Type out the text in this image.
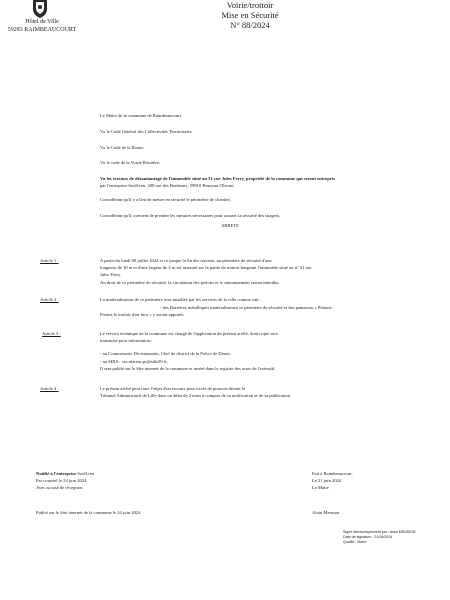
Hôtel de Ville
59283 RAIMBEAUCOURT
Voirie/trottoir
Mise en Sécurité
N° 88/2024
Le Maire de la commune de Raimbeaucourt,
Vu le Code Général des Collectivités Territoriales,
Vu le Code de la Route,
Vu le code de la Voirie Routière,
Vu les travaux de désamiantage de l'immeuble situé au 31 rue Jules Ferry, propriété de la commune qui seront entrepris
par l'entreprise SodAcen, 208 rue des Bonheurs, 59810 Brunyau l'Escaut
Considérant qu'il y a lieu de mettre en sécurité le périmètre de chantier,
Considérant qu'il convient de prendre les mesures nécessaires pour assurer la sécurité des usagers,
ARRETE
Article 1 :	A partir du lundi 08 juillet 2024 et ce jusque la fin des travaux, un périmètre de sécurité d'une
longueur de 10 m et d'une largeur de 2 m est instauré sur la partie de trottoir longeant l'immeuble situé au n° 31 rue
Jules Ferry.
Au droit de ce périmètre de sécurité, la circulation des piétons et le stationnement seront interdits.
Article 2 :	La matérialisation de ce périmètre sera installée par les services de la ville comme suit :
- des Barrières métalliques matérialiseront ce périmètre de sécurité et des panneaux « Piétons-
Prenez le trottoir d'en face » y seront apposés.
Article 3 :	Le service technique de la commune est chargé de l'application du présent arrêté, dont copie sera
transmise pour information :
- au Commissaire Divisionnaire, Chef de district de la Police de Douai,
- au SDIS : circulation.gs@sdis59.fr,
Il sera publié sur le Site internet de la commune et inséré dans le registre des actes de l'exécutif.
Article 4 :	Le présent arrêté peut faire l'objet d'un recours pour excès de pouvoir devant le
Tribunal Administratif de Lille dans un délai de 2 mois à compter de sa notification et de sa publication.
Notifié à l'entreprise SodAcen
Par courriel le 24 juin 2024
Avec accusé de réception
Fait à Raimbeaucourt,
Le 21 juin 2024
Le Maire
Publié sur le Site internet de la commune le 24 juin 2024	Alain Mension
Signé électroniquement par : Alain MENSION
Date de signature : 21/06/2024
Qualité : Maire
